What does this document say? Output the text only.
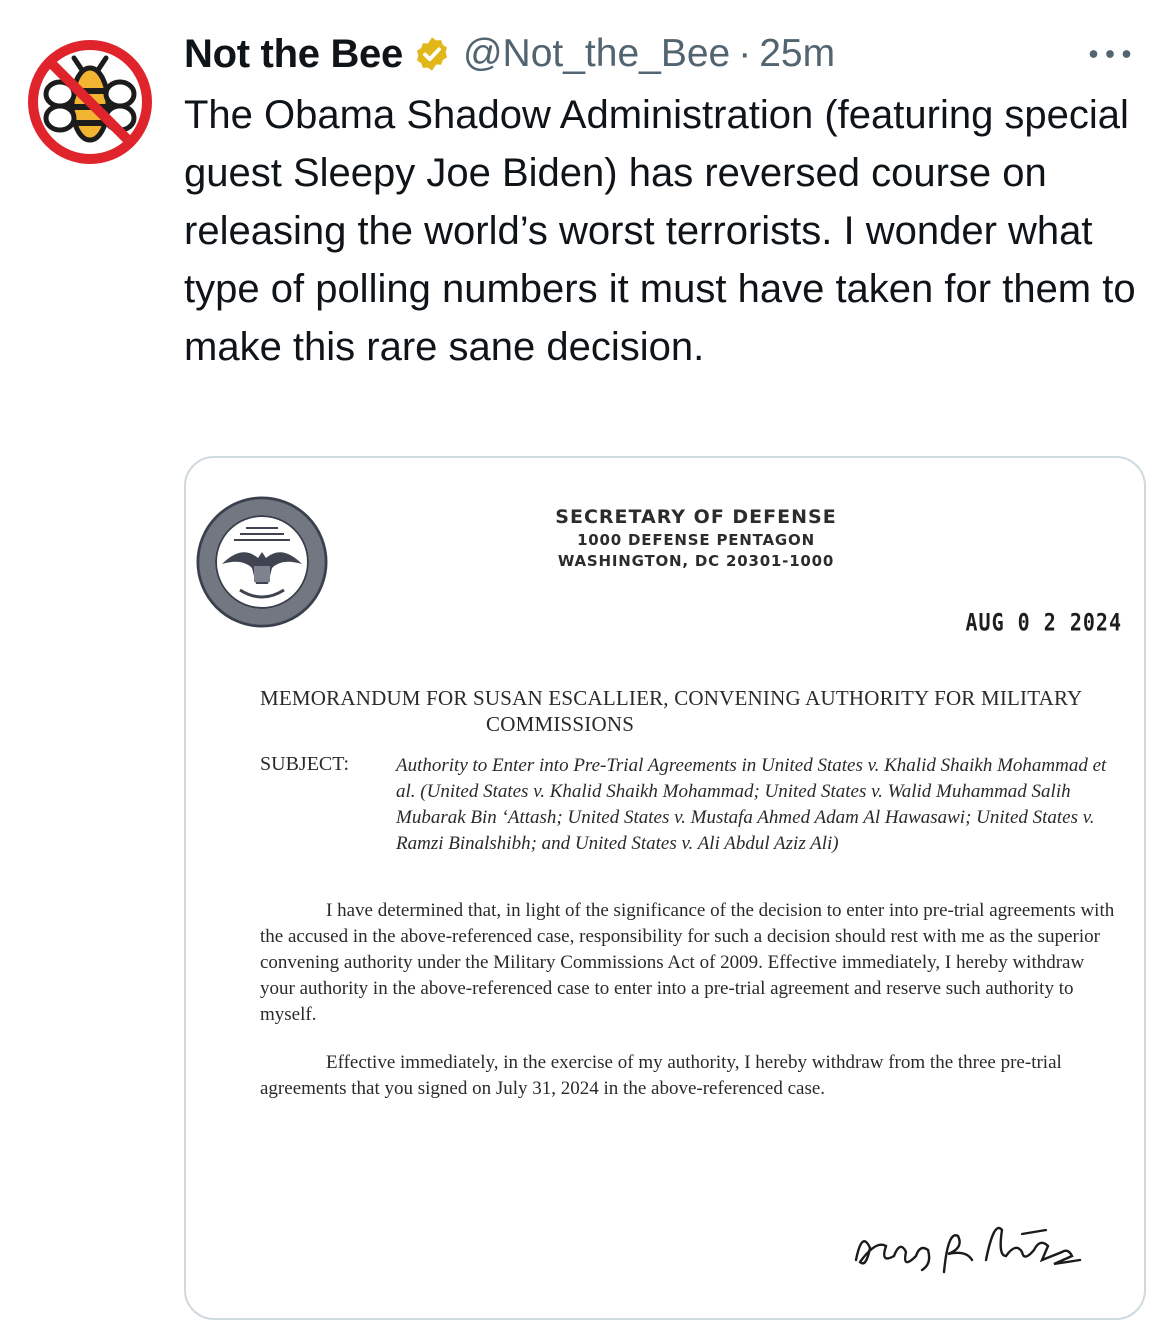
Not the Bee @Not_the_Bee · 25m

The Obama Shadow Administration (featuring special guest Sleepy Joe Biden) has reversed course on releasing the world’s worst terrorists. I wonder what type of polling numbers it must have taken for them to make this rare sane decision.

SECRETARY OF DEFENSE
1000 DEFENSE PENTAGON
WASHINGTON, DC 20301-1000
AUG 0 2 2024
MEMORANDUM FOR SUSAN ESCALLIER, CONVENING AUTHORITY FOR MILITARY
COMMISSIONS
SUBJECT: Authority to Enter into Pre-Trial Agreements in United States v. Khalid Shaikh Mohammad et al. (United States v. Khalid Shaikh Mohammad; United States v. Walid Muhammad Salih Mubarak Bin ‘Attash; United States v. Mustafa Ahmed Adam Al Hawasawi; United States v. Ramzi Binalshibh; and United States v. Ali Abdul Aziz Ali)

I have determined that, in light of the significance of the decision to enter into pre-trial agreements with the accused in the above-referenced case, responsibility for such a decision should rest with me as the superior convening authority under the Military Commissions Act of 2009. Effective immediately, I hereby withdraw your authority in the above-referenced case to enter into a pre-trial agreement and reserve such authority to myself.

Effective immediately, in the exercise of my authority, I hereby withdraw from the three pre-trial agreements that you signed on July 31, 2024 in the above-referenced case.
